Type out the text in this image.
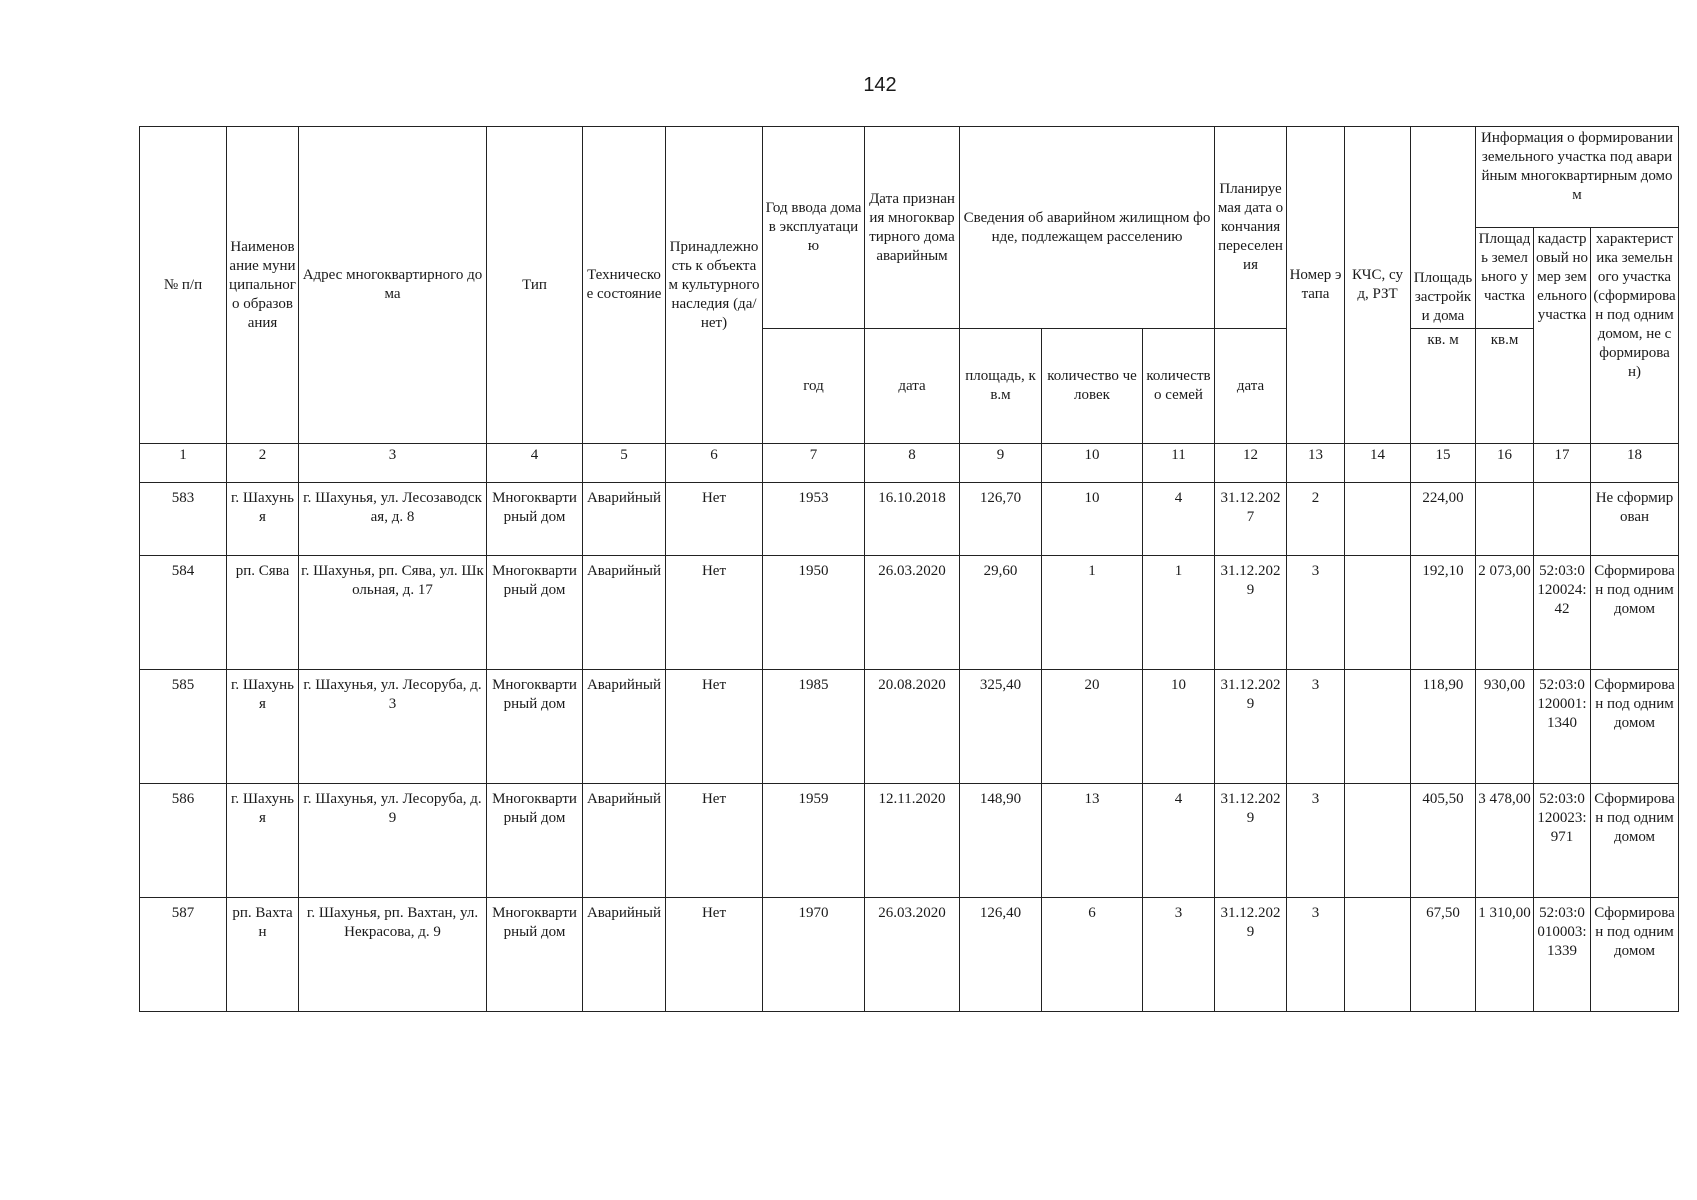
142
№ п/п	Наименование муниципального образования	Адрес многоквартирного дома	Тип	Техническое состояние	Принадлежность к объектам культурного наследия (да/нет)	Год ввода дома в эксплуатацию	Дата признания многоквартирного дома аварийным	Сведения об аварийном жилищном фонде, подлежащем расселению			Планируемая дата окончания переселения	Номер этапа	КЧС, суд, РЗТ	Площадь застройки дома	Информация о формировании земельного участка под аварийным многоквартирным домом		
															Площадь земельного участка	кадастровый номер земельного участка	характеристика земельного участка (сформирован под одним домом, не сформирован)
						год	дата	площадь, кв.м	количество человек	количество семей	дата			кв. м	кв.м		
1	2	3	4	5	6	7	8	9	10	11	12	13	14	15	16	17	18
583	г. Шахунья	г. Шахунья, ул. Лесозаводская, д. 8	Многоквартирный дом	Аварийный	Нет	1953	16.10.2018	126,70	10	4	31.12.2027	2		224,00			Не сформирован
584	рп. Сява	г. Шахунья, рп. Сява, ул. Школьная, д. 17	Многоквартирный дом	Аварийный	Нет	1950	26.03.2020	29,60	1	1	31.12.2029	3		192,10	2 073,00	52:03:0120024:42	Сформирован под одним домом
585	г. Шахунья	г. Шахунья, ул. Лесоруба, д. 3	Многоквартирный дом	Аварийный	Нет	1985	20.08.2020	325,40	20	10	31.12.2029	3		118,90	930,00	52:03:0120001:1340	Сформирован под одним домом
586	г. Шахунья	г. Шахунья, ул. Лесоруба, д. 9	Многоквартирный дом	Аварийный	Нет	1959	12.11.2020	148,90	13	4	31.12.2029	3		405,50	3 478,00	52:03:0120023:971	Сформирован под одним домом
587	рп. Вахтан	г. Шахунья, рп. Вахтан, ул. Некрасова, д. 9	Многоквартирный дом	Аварийный	Нет	1970	26.03.2020	126,40	6	3	31.12.2029	3		67,50	1 310,00	52:03:0010003:1339	Сформирован под одним домом
